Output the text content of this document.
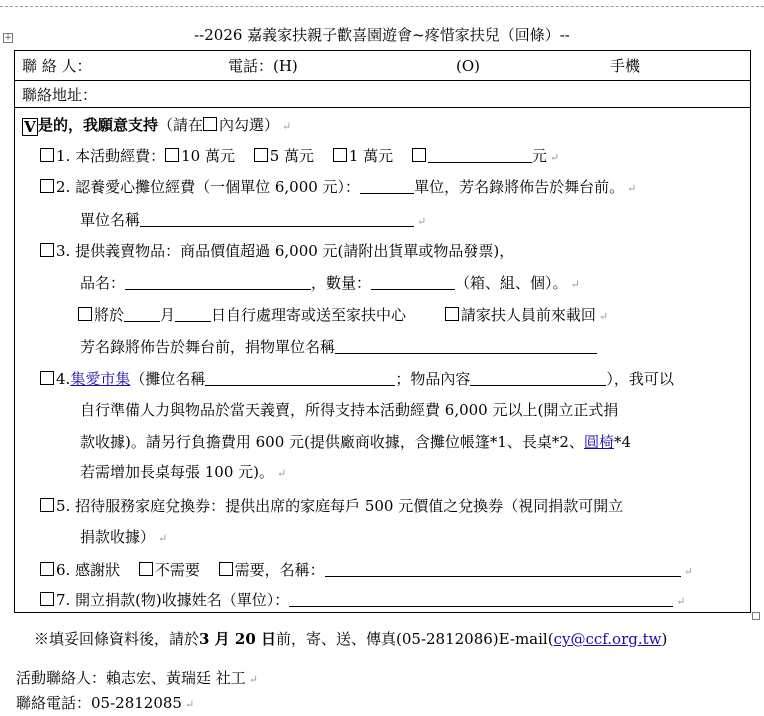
+	--2026 嘉義家扶親子歡喜園遊會~疼惜家扶兒（回條）--
聯 絡 人：	電話：(H)	(O)	手機
聯絡地址：
V 是的，我願意支持（請在 內勾選） ↵
1. 本活動經費： 10 萬元 5 萬元 1 萬元	元 ↵
2. 認養愛心攤位經費（一個單位 6,000 元）：	單位，芳名錄將佈告於舞台前。 ↵
單位名稱	↵
3. 提供義賣物品：商品價值超過 6,000 元(請附出貨單或物品發票)，
品名：	，數量：	（箱、組、個）。 ↵
將於 月 日自行處理寄或送至家扶中心	請家扶人員前來載回 ↵
芳名錄將佈告於舞台前，捐物單位名稱
4.集愛市集（攤位名稱	；物品內容	），我可以
自行準備人力與物品於當天義賣，所得支持本活動經費 6,000 元以上(開立正式捐
款收據)。請另行負擔費用 600 元(提供廠商收據，含攤位帳篷*1、長桌*2、圓椅*4
若需增加長桌每張 100 元)。 ↵
5. 招待服務家庭兌換券：提供出席的家庭每戶 500 元價值之兌換券（視同捐款可開立
捐款收據） ↵
6. 感謝狀 不需要 需要，名稱：	↵
7. 開立捐款(物)收據姓名（單位）：	↵
※填妥回條資料後，請於3 月 20 日前，寄、送、傳真(05-2812086)E-mail(cy@ccf.org.tw)
活動聯絡人：賴志宏、黃瑞廷 社工 ↵
聯絡電話：05-2812085 ↵
